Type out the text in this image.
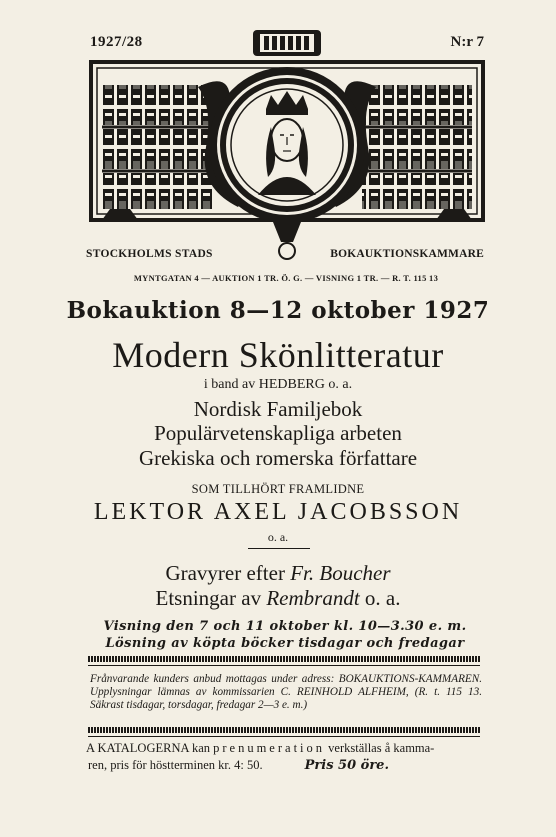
1927/28	N:r 7
STOCKHOLMS STADS	BOKAUKTIONSKAMMARE
MYNTGATAN 4 — AUKTION 1 TR. Ö. G. — VISNING 1 TR. — R. T. 115 13
Bokauktion 8—12 oktober 1927
Modern Skönlitteratur
i band av HEDBERG o. a.
Nordisk Familjebok
Populärvetenskapliga arbeten
Grekiska och romerska författare
SOM TILLHÖRT FRAMLIDNE
LEKTOR AXEL JACOBSSON
o. a.
Gravyrer efter Fr. Boucher
Etsningar av Rembrandt o. a.
Visning den 7 och 11 oktober kl. 10—3.30 e. m.
Lösning av köpta böcker tisdagar och fredagar

Frånvarande kunders anbud mottagas under adress: BOKAUKTIONS-KAMMAREN. Upplysningar lämnas av kommissarien C. REINHOLD ALFHEIM, (R. t. 115 13. Säkrast tisdagar, torsdagar, fredagar 2—3 e. m.)

A KATALOGERNA kan prenumeration verkställas å kamma-
ren, pris för höstterminen kr. 4: 50.	Pris 50 öre.
